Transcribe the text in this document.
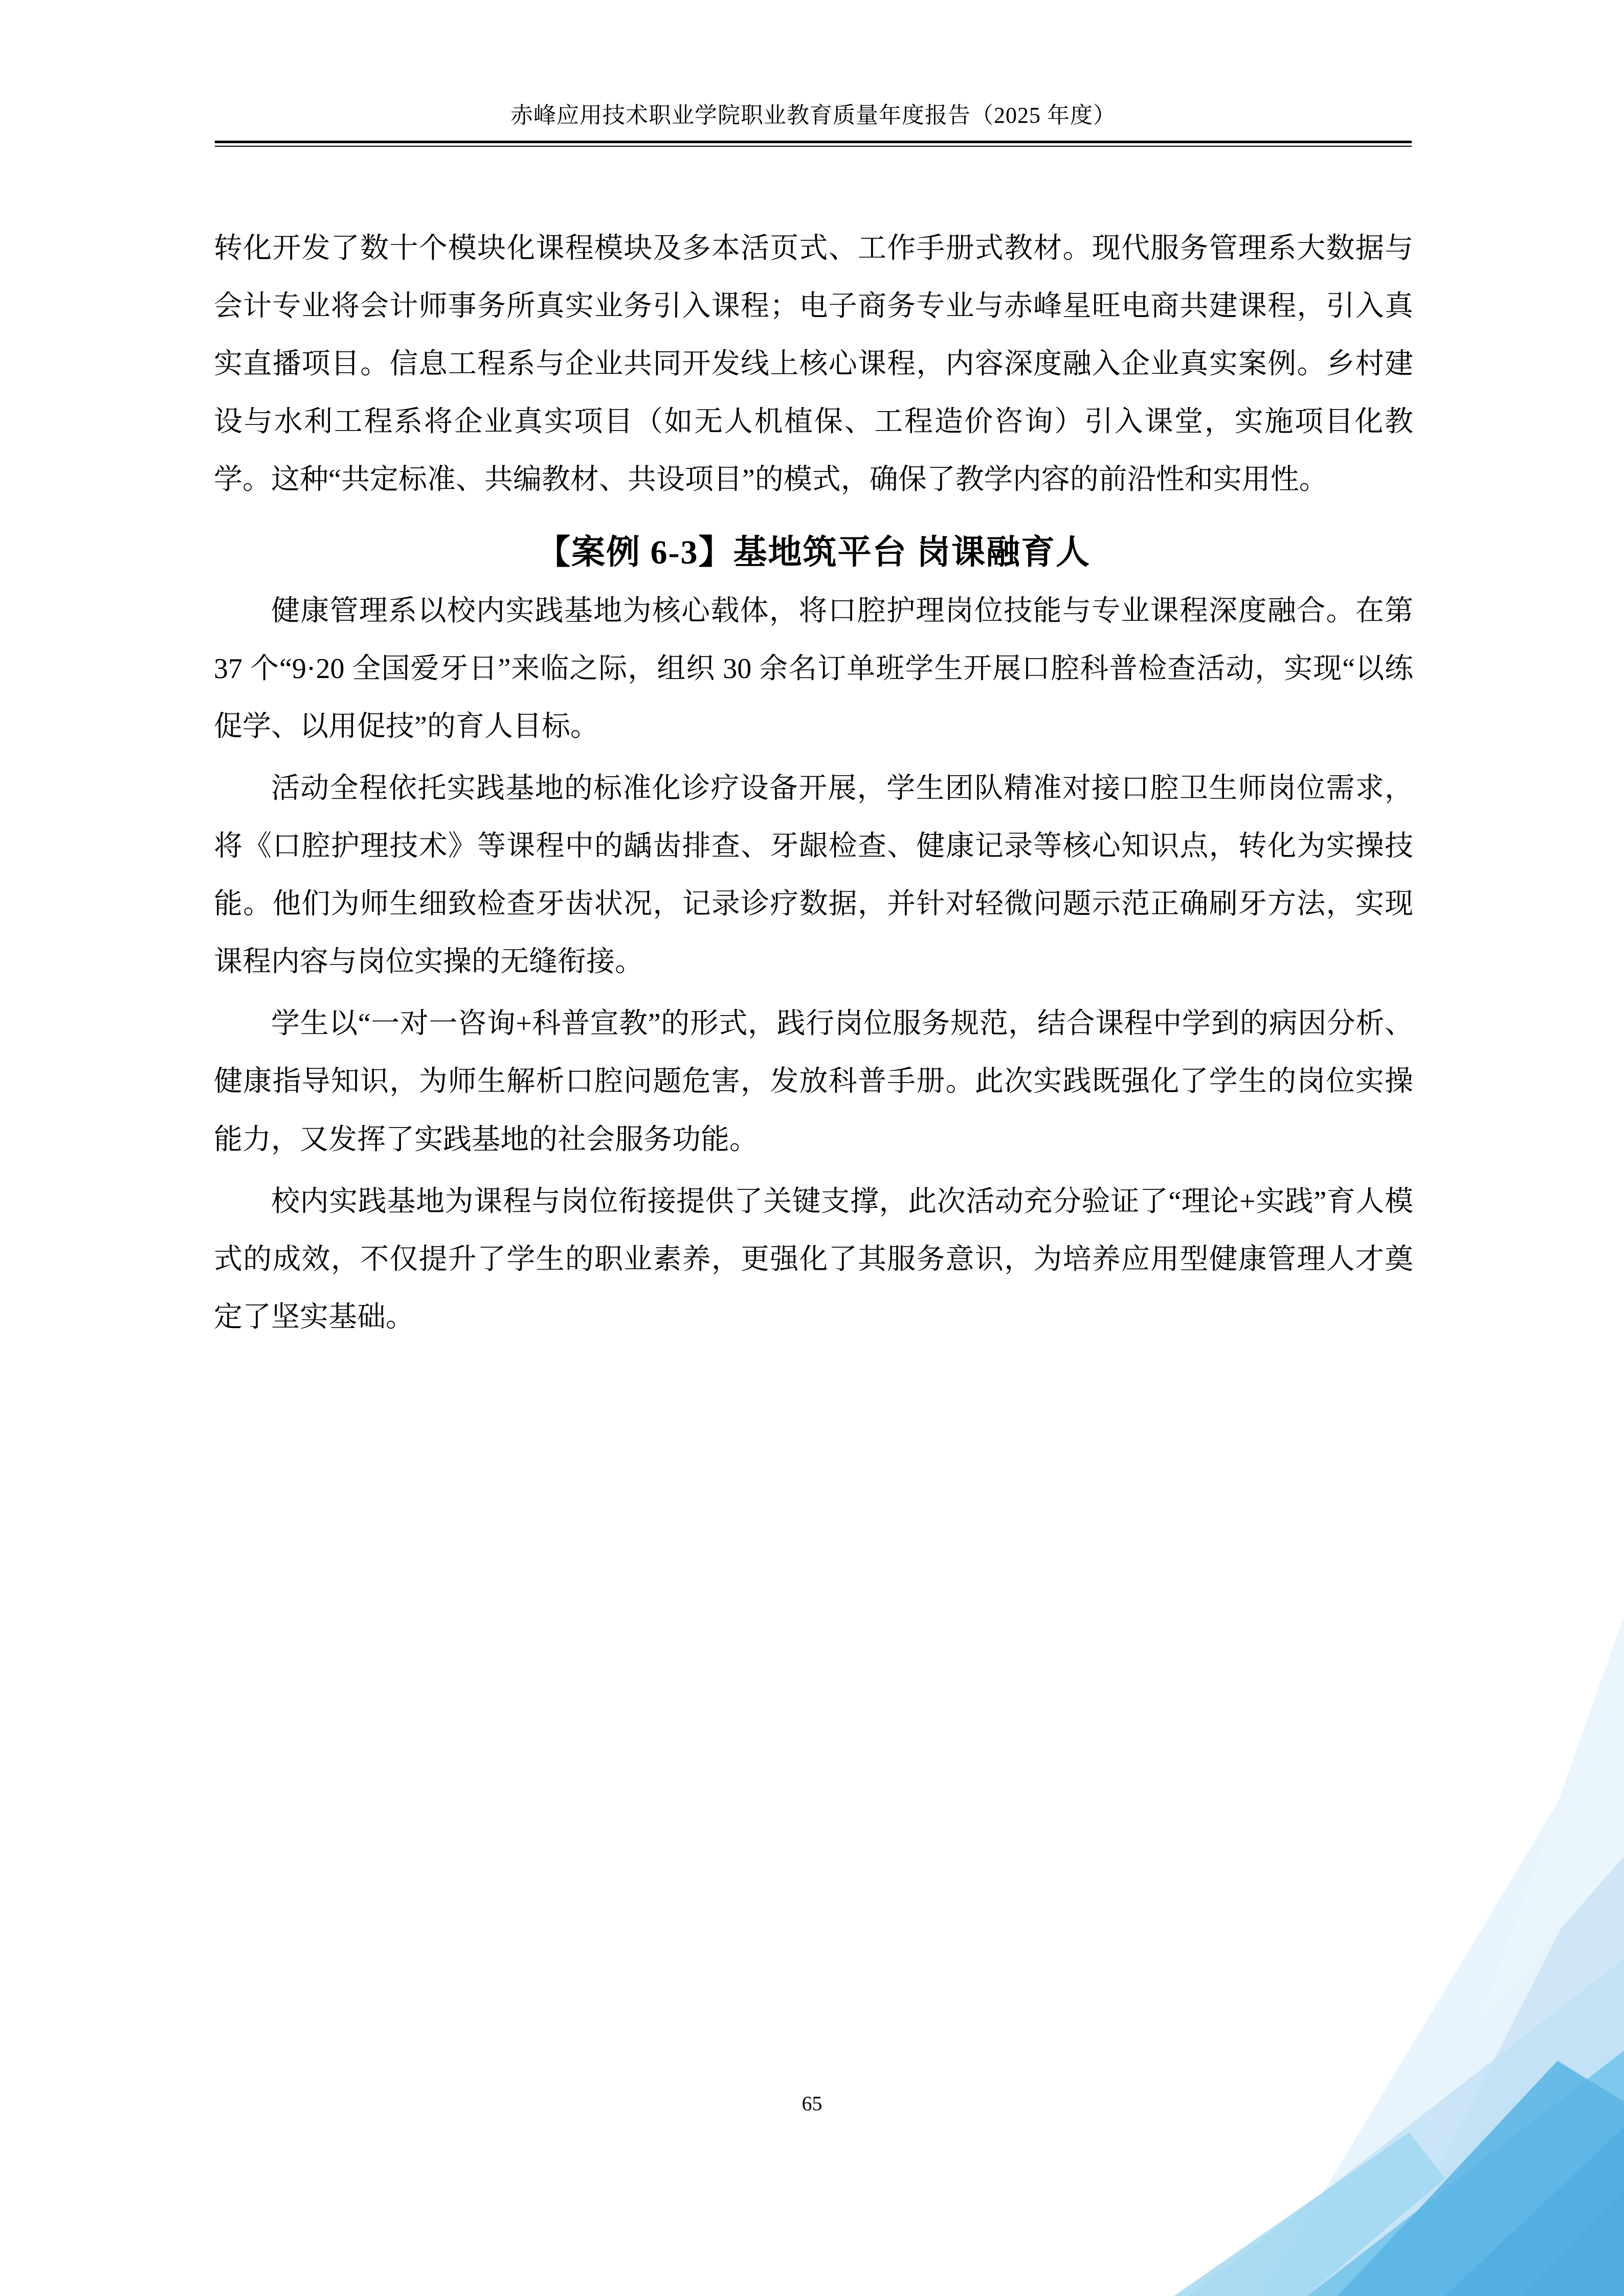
赤峰应用技术职业学院职业教育质量年度报告（2025 年度）

转化开发了数十个模块化课程模块及多本活页式、工作手册式教材。现代服务管理系大数据与会计专业将会计师事务所真实业务引入课程；电子商务专业与赤峰星旺电商共建课程，引入真实直播项目。信息工程系与企业共同开发线上核心课程，内容深度融入企业真实案例。乡村建设与水利工程系将企业真实项目（如无人机植保、工程造价咨询）引入课堂，实施项目化教学。这种“共定标准、共编教材、共设项目”的模式，确保了教学内容的前沿性和实用性。

【案例 6-3】基地筑平台 岗课融育人

健康管理系以校内实践基地为核心载体，将口腔护理岗位技能与专业课程深度融合。在第 37 个“9·20 全国爱牙日”来临之际，组织 30 余名订单班学生开展口腔科普检查活动，实现“以练促学、以用促技”的育人目标。

活动全程依托实践基地的标准化诊疗设备开展，学生团队精准对接口腔卫生师岗位需求，将《口腔护理技术》等课程中的龋齿排查、牙龈检查、健康记录等核心知识点，转化为实操技能。他们为师生细致检查牙齿状况，记录诊疗数据，并针对轻微问题示范正确刷牙方法，实现课程内容与岗位实操的无缝衔接。

学生以“一对一咨询+科普宣教”的形式，践行岗位服务规范，结合课程中学到的病因分析、健康指导知识，为师生解析口腔问题危害，发放科普手册。此次实践既强化了学生的岗位实操能力，又发挥了实践基地的社会服务功能。

校内实践基地为课程与岗位衔接提供了关键支撑，此次活动充分验证了“理论+实践”育人模式的成效，不仅提升了学生的职业素养，更强化了其服务意识，为培养应用型健康管理人才奠定了坚实基础。

65
